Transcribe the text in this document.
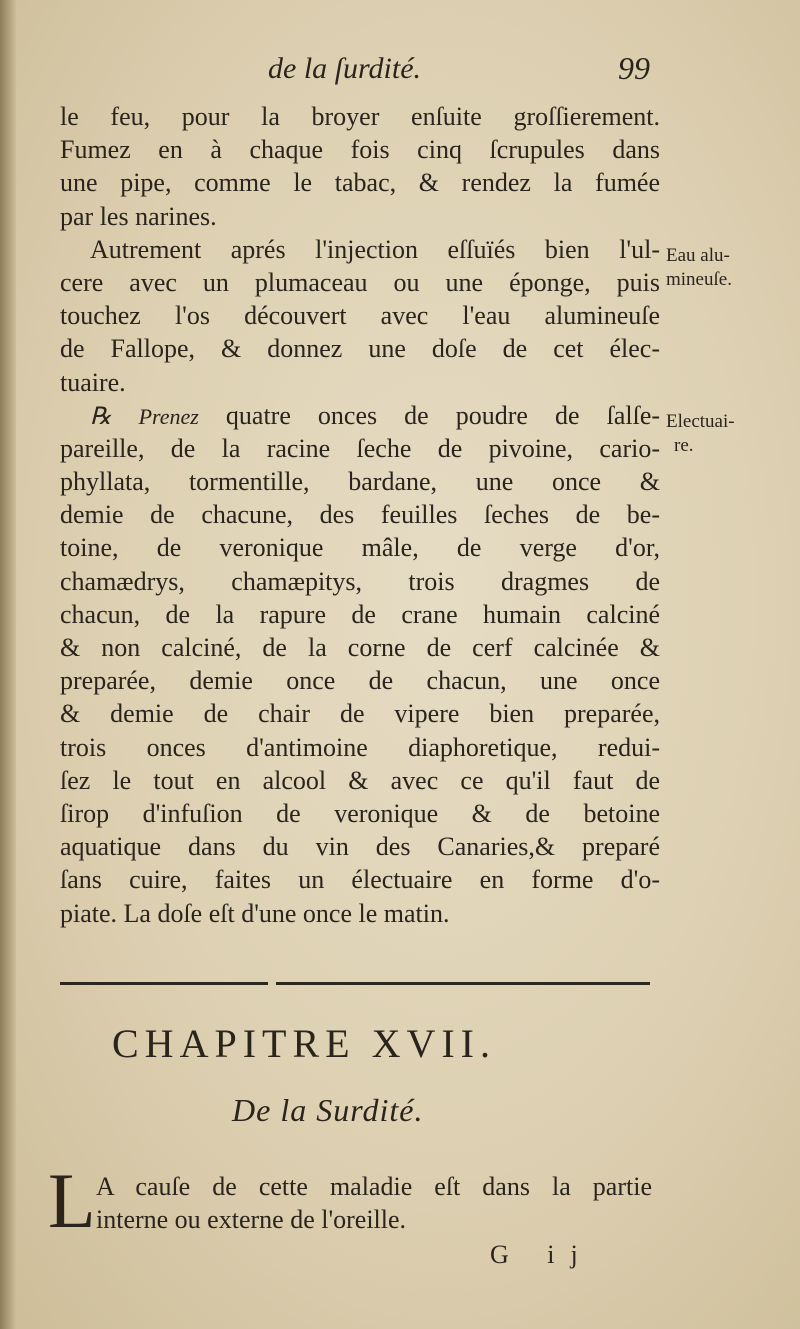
de la ſurdité.	99
le feu, pour la broyer enſuite groſſierement.
Fumez en à chaque fois cinq ſcrupules dans
une pipe, comme le tabac, & rendez la fumée
par les narines.
Autrement aprés l'injection eſſuïés bien l'ul-
cere avec un plumaceau ou une éponge, puis
touchez l'os découvert avec l'eau alumineuſe
de Fallope, & donnez une doſe de cet élec-
tuaire.
℞ Prenez quatre onces de poudre de ſalſe-
pareille, de la racine ſeche de pivoine, cario-
phyllata, tormentille, bardane, une once &
demie de chacune, des feuilles ſeches de be-
toine, de veronique mâle, de verge d'or,
chamædrys, chamæpitys, trois dragmes de
chacun, de la rapure de crane humain calciné
& non calciné, de la corne de cerf calcinée &
preparée, demie once de chacun, une once
& demie de chair de vipere bien preparée,
trois onces d'antimoine diaphoretique, redui-
ſez le tout en alcool & avec ce qu'il faut de
ſirop d'infuſion de veronique & de betoine
aquatique dans du vin des Canaries,& preparé
ſans cuire, faites un électuaire en forme d'o-
piate. La doſe eſt d'une once le matin.
Eau alu-
mineuſe.
Electuai-
re.
CHAPITRE XVII.
De la Surdité.
L A cauſe de cette maladie eſt dans la partie
interne ou externe de l'oreille.
G ij
